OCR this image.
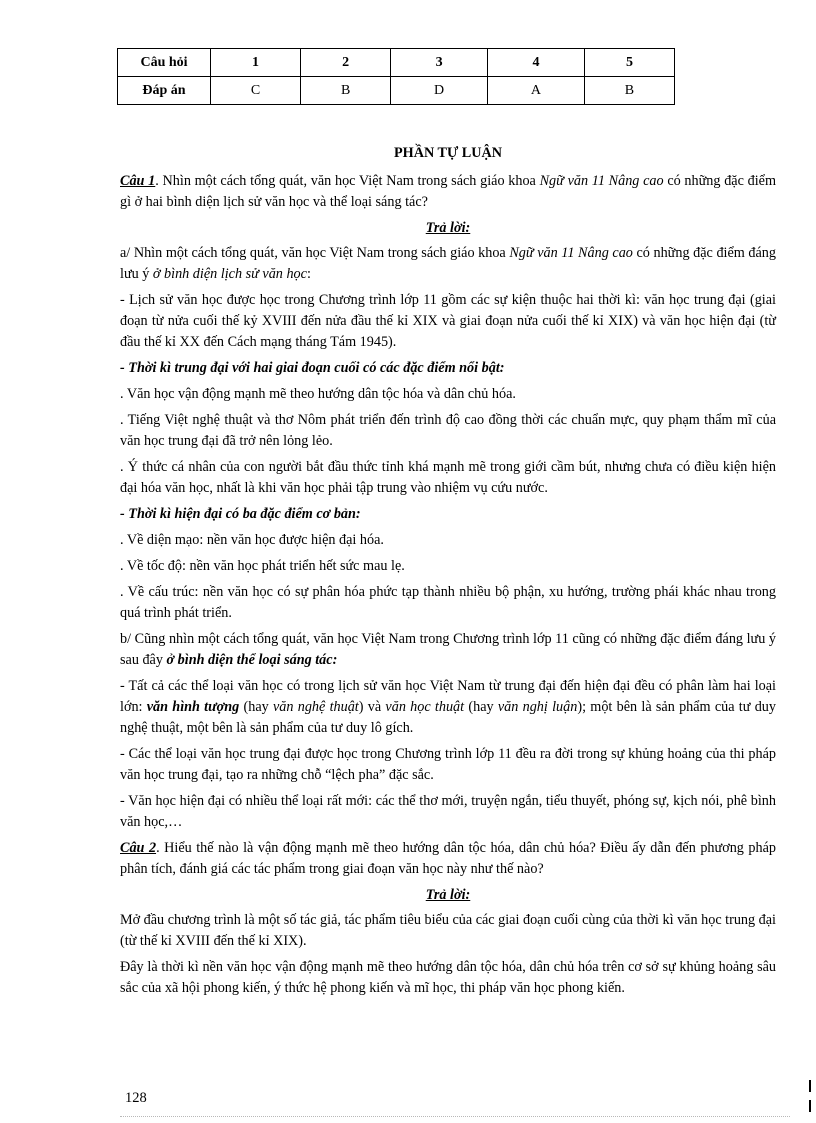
Câu hỏi	1	2	3	4	5
Đáp án	C	B	D	A	B

PHẦN TỰ LUẬN

Câu 1. Nhìn một cách tổng quát, văn học Việt Nam trong sách giáo khoa Ngữ văn 11 Nâng cao có những đặc điểm gì ở hai bình diện lịch sử văn học và thể loại sáng tác?

Trả lời:

a/ Nhìn một cách tổng quát, văn học Việt Nam trong sách giáo khoa Ngữ văn 11 Nâng cao có những đặc điểm đáng lưu ý ở bình diện lịch sử văn học:

- Lịch sử văn học được học trong Chương trình lớp 11 gồm các sự kiện thuộc hai thời kì: văn học trung đại (giai đoạn từ nửa cuối thế kỷ XVIII đến nửa đầu thế kỉ XIX và giai đoạn nửa cuối thế kỉ XIX) và văn học hiện đại (từ đầu thế kỉ XX đến Cách mạng tháng Tám 1945).

- Thời kì trung đại với hai giai đoạn cuối có các đặc điểm nổi bật:

. Văn học vận động mạnh mẽ theo hướng dân tộc hóa và dân chủ hóa.

. Tiếng Việt nghệ thuật và thơ Nôm phát triển đến trình độ cao đồng thời các chuẩn mực, quy phạm thẩm mĩ của văn học trung đại đã trở nên lỏng lẻo.

. Ý thức cá nhân của con người bắt đầu thức tỉnh khá mạnh mẽ trong giới cầm bút, nhưng chưa có điều kiện hiện đại hóa văn học, nhất là khi văn học phải tập trung vào nhiệm vụ cứu nước.

- Thời kì hiện đại có ba đặc điểm cơ bản:

. Về diện mạo: nền văn học được hiện đại hóa.

. Về tốc độ: nền văn học phát triển hết sức mau lẹ.

. Về cấu trúc: nền văn học có sự phân hóa phức tạp thành nhiều bộ phận, xu hướng, trường phái khác nhau trong quá trình phát triển.

b/ Cũng nhìn một cách tổng quát, văn học Việt Nam trong Chương trình lớp 11 cũng có những đặc điểm đáng lưu ý sau đây ở bình diện thể loại sáng tác:

- Tất cả các thể loại văn học có trong lịch sử văn học Việt Nam từ trung đại đến hiện đại đều có phân làm hai loại lớn: văn hình tượng (hay văn nghệ thuật) và văn học thuật (hay văn nghị luận); một bên là sản phẩm của tư duy nghệ thuật, một bên là sản phẩm của tư duy lô gích.

- Các thể loại văn học trung đại được học trong Chương trình lớp 11 đều ra đời trong sự khủng hoảng của thi pháp văn học trung đại, tạo ra những chỗ “lệch pha” đặc sắc.

- Văn học hiện đại có nhiều thể loại rất mới: các thể thơ mới, truyện ngắn, tiểu thuyết, phóng sự, kịch nói, phê bình văn học,…

Câu 2. Hiểu thế nào là vận động mạnh mẽ theo hướng dân tộc hóa, dân chủ hóa? Điều ấy dẫn đến phương pháp phân tích, đánh giá các tác phẩm trong giai đoạn văn học này như thế nào?

Trả lời:

Mở đầu chương trình là một số tác giả, tác phẩm tiêu biểu của các giai đoạn cuối cùng của thời kì văn học trung đại (từ thế kỉ XVIII đến thế kỉ XIX).

Đây là thời kì nền văn học vận động mạnh mẽ theo hướng dân tộc hóa, dân chủ hóa trên cơ sở sự khủng hoảng sâu sắc của xã hội phong kiến, ý thức hệ phong kiến và mĩ học, thi pháp văn học phong kiến.

128
